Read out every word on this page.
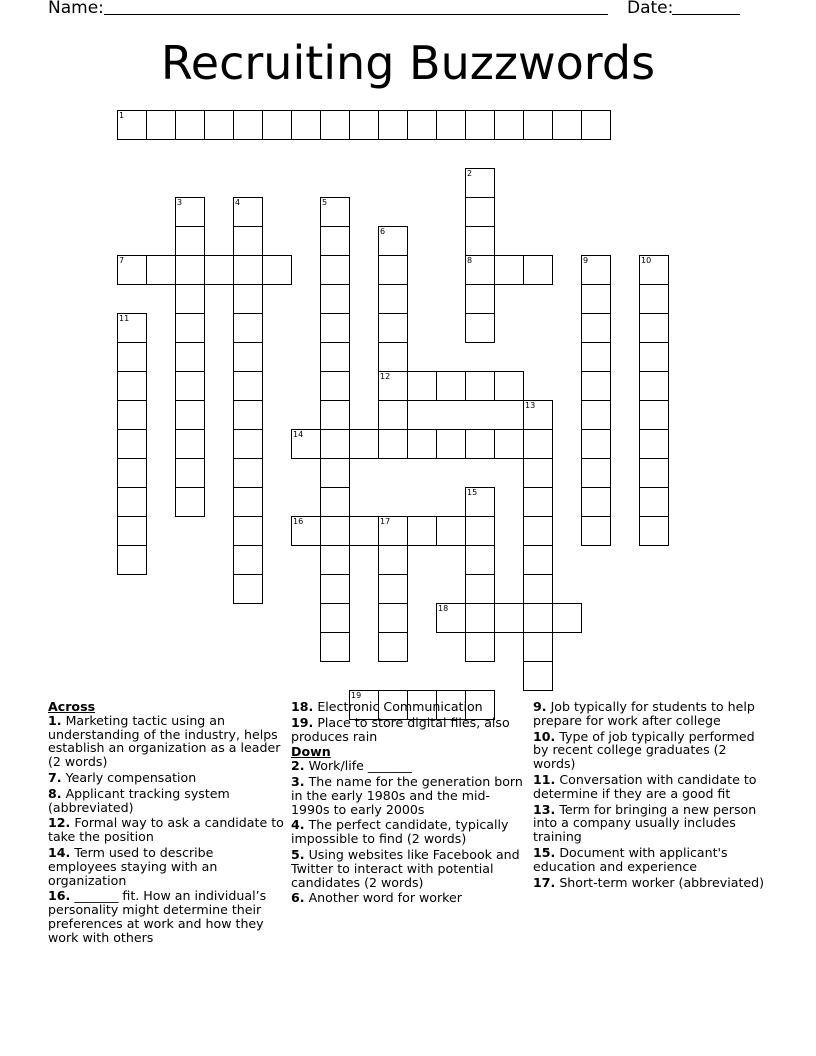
Name:	Date:
Recruiting Buzzwords
1
2
8
3	4	5
6
12
7	9	10
11
13
14
15
16	17
18
19
Across
1. Marketing tactic using an understanding of the industry, helps establish an organization as a leader (2 words)
7. Yearly compensation
8. Applicant tracking system (abbreviated)
12. Formal way to ask a candidate to take the position
14. Term used to describe employees staying with an organization
16. _______ fit. How an individual’s personality might determine their preferences at work and how they work with others
18. Electronic Communication
19. Place to store digital files, also produces rain
Down
2. Work/life _______
3. The name for the generation born in the early 1980s and the mid-1990s to early 2000s
4. The perfect candidate, typically impossible to find (2 words)
5. Using websites like Facebook and Twitter to interact with potential candidates (2 words)
6. Another word for worker
9. Job typically for students to help prepare for work after college
10. Type of job typically performed by recent college graduates (2 words)
11. Conversation with candidate to determine if they are a good fit
13. Term for bringing a new person into a company usually includes training
15. Document with applicant's education and experience
17. Short-term worker (abbreviated)
